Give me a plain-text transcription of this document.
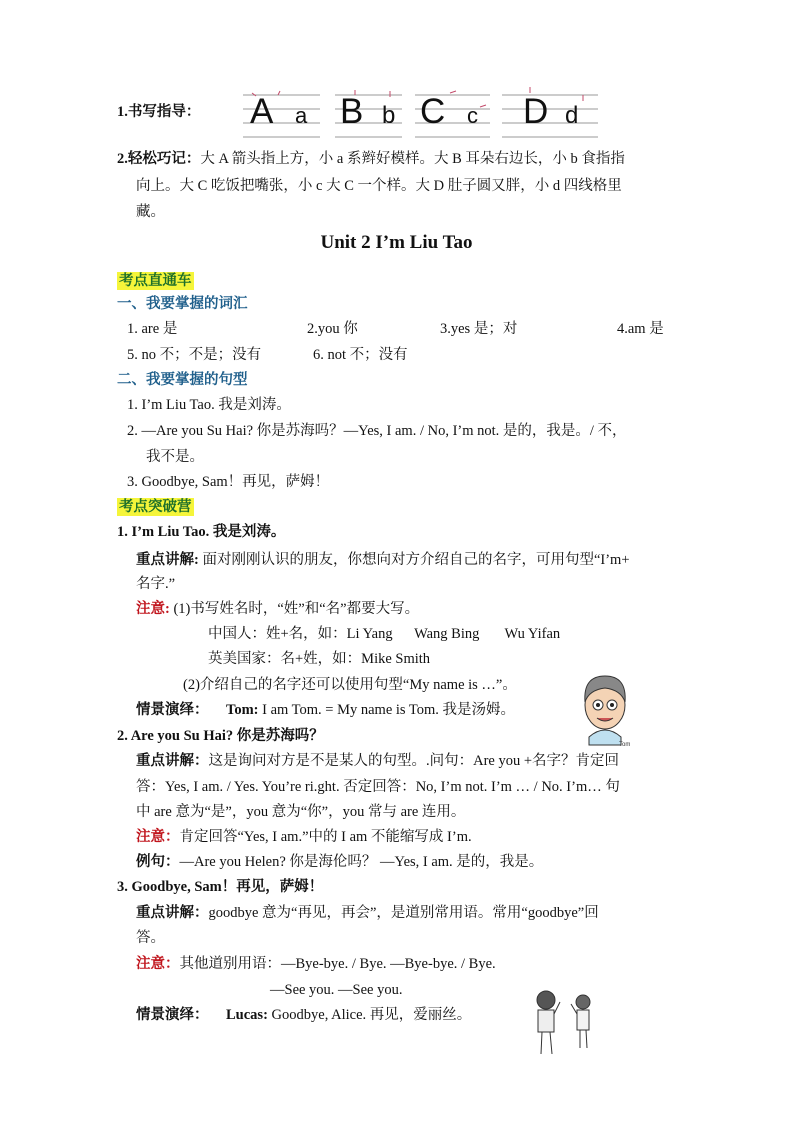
1.书写指导： A a B b C c D d
2.轻松巧记：大 A 箭头指上方，小 a 系辫好模样。大 B 耳朵右边长，小 b 食指指
向上。大 C 吃饭把嘴张，小 c 大 C 一个样。大 D 肚子圆又胖，小 d 四线格里
藏。
Unit 2 I’m Liu Tao
考点直通车
一、我要掌握的词汇
1. are 是	2.you 你	3.yes 是；对	4.am 是
5. no 不；不是；没有	6. not 不；没有
二、我要掌握的句型
1. I’m Liu Tao. 我是刘涛。
2. —Are you Su Hai? 你是苏海吗？—Yes, I am. / No, I’m not. 是的，我是。/ 不，
我不是。
3. Goodbye, Sam！再见，萨姆！
考点突破营
1. I’m Liu Tao. 我是刘涛。
重点讲解: 面对刚刚认识的朋友，你想向对方介绍自己的名字，可用句型“I’m+
名字.”
注意: (1)书写姓名时，“姓”和“名”都要大写。
中国人：姓+名，如：Li Yang      Wang Bing       Wu Yifan
英美国家：名+姓，如：Mike Smith
(2)介绍自己的名字还可以使用句型“My name is …”。
情景演绎： Tom: I am Tom. = My name is Tom. 我是汤姆。
Tom
2. Are you Su Hai? 你是苏海吗？
重点讲解：这是询问对方是不是某人的句型。.问句：Are you +名字？肯定回
答：Yes, I am. / Yes. You’re ri.ght. 否定回答：No, I’m not. I’m … / No. I’m… 句
中 are 意为“是”，you 意为“你”，you 常与 are 连用。
注意：肯定回答“Yes, I am.”中的 I am 不能缩写成 I’m.
例句：—Are you Helen? 你是海伦吗？ —Yes, I am. 是的，我是。
3. Goodbye, Sam！再见，萨姆！
重点讲解：goodbye 意为“再见，再会”，是道别常用语。常用“goodbye”回
答。
注意：其他道别用语：—Bye-bye. / Bye. —Bye-bye. / Bye.
—See you. —See you.
情景演绎： Lucas: Goodbye, Alice. 再见，爱丽丝。
